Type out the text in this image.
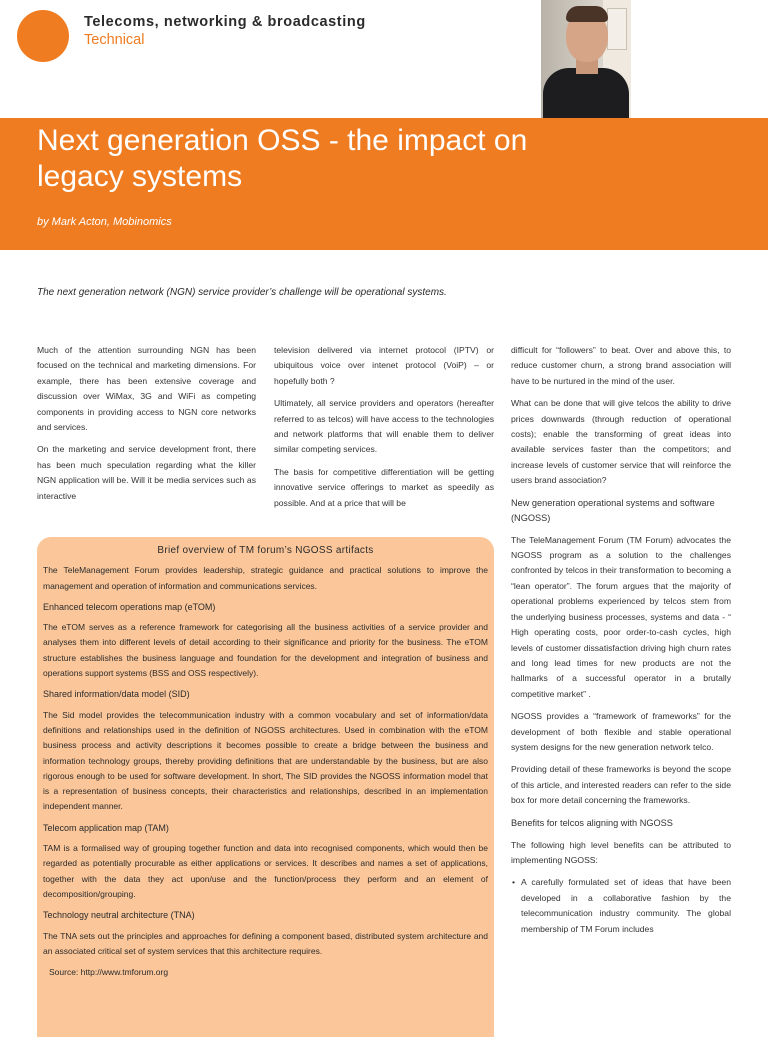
Telecoms, networking & broadcasting
Technical
Next generation OSS - the impact on legacy systems
by Mark Acton, Mobinomics
The next generation network (NGN) service provider’s challenge will be operational systems.

Much of the attention surrounding NGN has been focused on the technical and marketing dimensions. For example, there has been extensive coverage and discussion over WiMax, 3G and WiFi as competing components in providing access to NGN core networks and services.

On the marketing and service development front, there has been much speculation regarding what the killer NGN application will be. Will it be media services such as interactive

television delivered via internet protocol (IPTV) or ubiquitous voice over intenet protocol (VoiP) – or hopefully both ?

Ultimately, all service providers and operators (hereafter referred to as telcos) will have access to the technologies and network platforms that will enable them to deliver similar competing services.

The basis for competitive differentiation will be getting innovative service offerings to market as speedily as possible. And at a price that will be

difficult for “followers” to beat. Over and above this, to reduce customer churn, a strong brand association will have to be nurtured in the mind of the user.

What can be done that will give telcos the ability to drive prices downwards (through reduction of operational costs); enable the transforming of great ideas into available services faster than the competitors; and increase levels of customer service that will reinforce the users brand association?

New generation operational systems and software (NGOSS)

The TeleManagement Forum (TM Forum) advocates the NGOSS program as a solution to the challenges confronted by telcos in their transformation to becoming a “lean operator”. The forum argues that the majority of operational problems experienced by telcos stem from the underlying business processes, systems and data - “ High operating costs, poor order-to-cash cycles, high levels of customer dissatisfaction driving high churn rates and long lead times for new products are not the hallmarks of a successful operator in a brutally competitive market” .

NGOSS provides a “framework of frameworks” for the development of both flexible and stable operational system designs for the new generation network telco.

Providing detail of these frameworks is beyond the scope of this article, and interested readers can refer to the side box for more detail concerning the frameworks.

Benefits for telcos aligning with NGOSS

The following high level benefits can be attributed to implementing NGOSS:

• A carefully formulated set of ideas that have been developed in a collaborative fashion by the telecommunication industry community. The global membership of TM Forum includes
Brief overview of TM forum’s NGOSS artifacts

The TeleManagement Forum provides leadership, strategic guidance and practical solutions to improve the management and operation of information and communications services.

Enhanced telecom operations map (eTOM)

The eTOM serves as a reference framework for categorising all the business activities of a service provider and analyses them into different levels of detail according to their significance and priority for the business. The eTOM structure establishes the business language and foundation for the development and integration of business and operations support systems (BSS and OSS respectively).

Shared information/data model (SID)

The Sid model provides the telecommunication industry with a common vocabulary and set of information/data definitions and relationships used in the definition of NGOSS architectures. Used in combination with the eTOM business process and activity descriptions it becomes possible to create a bridge between the business and information technology groups, thereby providing definitions that are understandable by the business, but are also rigorous enough to be used for software development. In short, The SID provides the NGOSS information model that is a representation of business concepts, their characteristics and relationships, described in an implementation independent manner.

Telecom application map (TAM)

TAM is a formalised way of grouping together function and data into recognised components, which would then be regarded as potentially procurable as either applications or services. It describes and names a set of applications, together with the data they act upon/use and the function/process they perform and an element of decomposition/grouping.

Technology neutral architecture (TNA)

The TNA sets out the principles and approaches for defining a component based, distributed system architecture and an associated critical set of system services that this architecture requires.

Source: http://www.tmforum.org
